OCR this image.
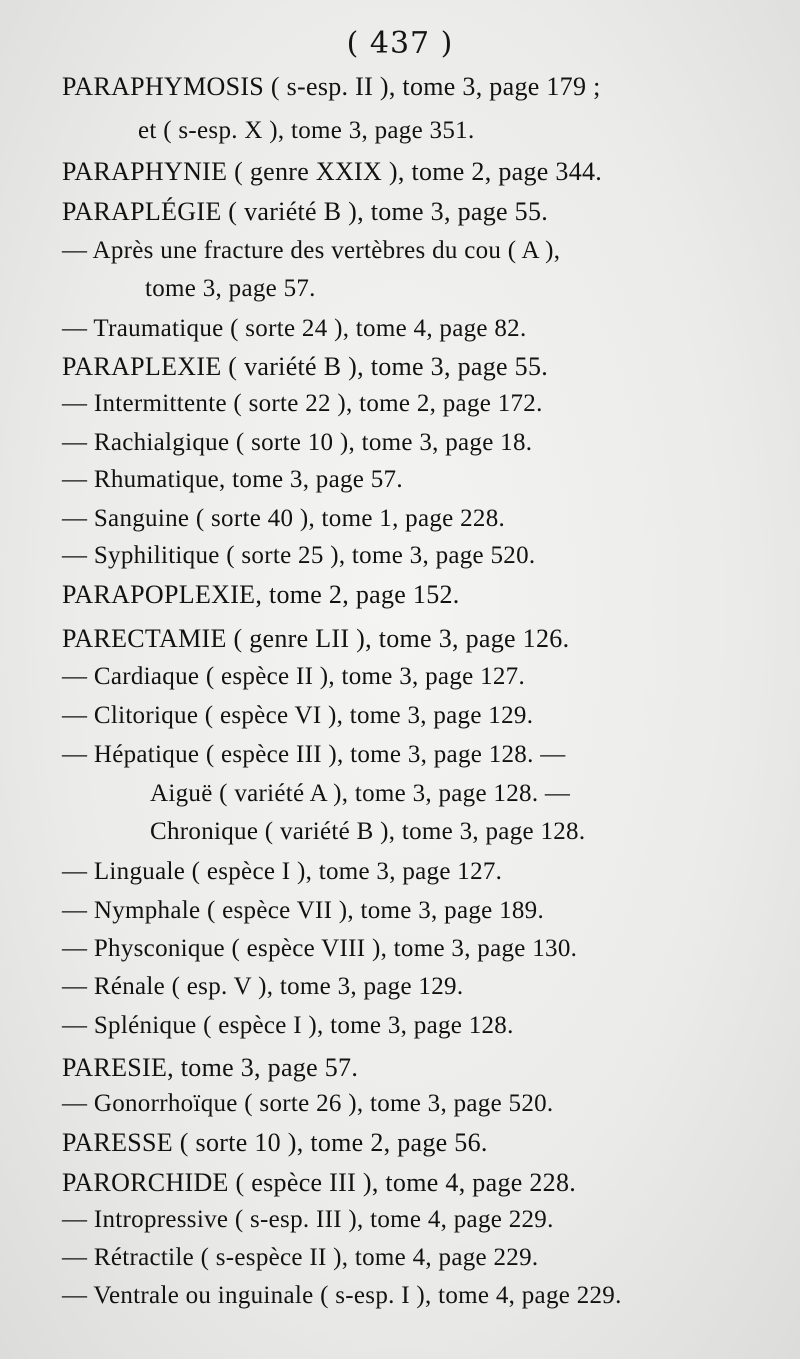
( 437 )
PARAPHYMOSIS ( s-esp. II ), tome 3, page 179 ;
et ( s-esp. X ), tome 3, page 351.
PARAPHYNIE ( genre XXIX ), tome 2, page 344.
PARAPLÉGIE ( variété B ), tome 3, page 55.
— Après une fracture des vertèbres du cou ( A ),
tome 3, page 57.
— Traumatique ( sorte 24 ), tome 4, page 82.
PARAPLEXIE ( variété B ), tome 3, page 55.
— Intermittente ( sorte 22 ), tome 2, page 172.
— Rachialgique ( sorte 10 ), tome 3, page 18.
— Rhumatique, tome 3, page 57.
— Sanguine ( sorte 40 ), tome 1, page 228.
— Syphilitique ( sorte 25 ), tome 3, page 520.
PARAPOPLEXIE, tome 2, page 152.
PARECTAMIE ( genre LII ), tome 3, page 126.
— Cardiaque ( espèce II ), tome 3, page 127.
— Clitorique ( espèce VI ), tome 3, page 129.
— Hépatique ( espèce III ), tome 3, page 128. —
Aiguë ( variété A ), tome 3, page 128. —
Chronique ( variété B ), tome 3, page 128.
— Linguale ( espèce I ), tome 3, page 127.
— Nymphale ( espèce VII ), tome 3, page 189.
— Physconique ( espèce VIII ), tome 3, page 130.
— Rénale ( esp. V ), tome 3, page 129.
— Splénique ( espèce I ), tome 3, page 128.
PARESIE, tome 3, page 57.
— Gonorrhoïque ( sorte 26 ), tome 3, page 520.
PARESSE ( sorte 10 ), tome 2, page 56.
PARORCHIDE ( espèce III ), tome 4, page 228.
— Intropressive ( s-esp. III ), tome 4, page 229.
— Rétractile ( s-espèce II ), tome 4, page 229.
— Ventrale ou inguinale ( s-esp. I ), tome 4, page 229.
